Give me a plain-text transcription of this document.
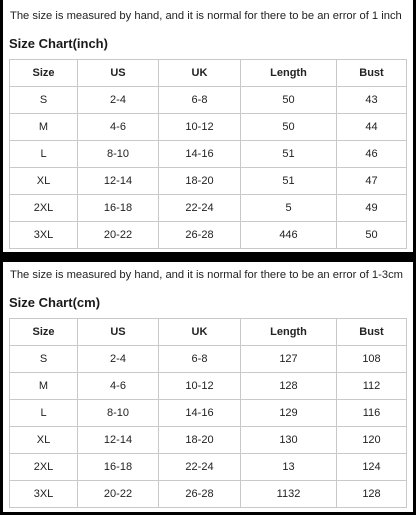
The size is measured by hand, and it is normal for there to be an error of 1 inch
Size Chart(inch)
Size	US	UK	Length	Bust
S	2-4	6-8	50	43
M	4-6	10-12	50	44
L	8-10	14-16	51	46
XL	12-14	18-20	51	47
2XL	16-18	22-24	5	49
3XL	20-22	26-28	446	50
The size is measured by hand, and it is normal for there to be an error of 1-3cm
Size Chart(cm)
Size	US	UK	Length	Bust
S	2-4	6-8	127	108
M	4-6	10-12	128	112
L	8-10	14-16	129	116
XL	12-14	18-20	130	120
2XL	16-18	22-24	13	124
3XL	20-22	26-28	1132	128
